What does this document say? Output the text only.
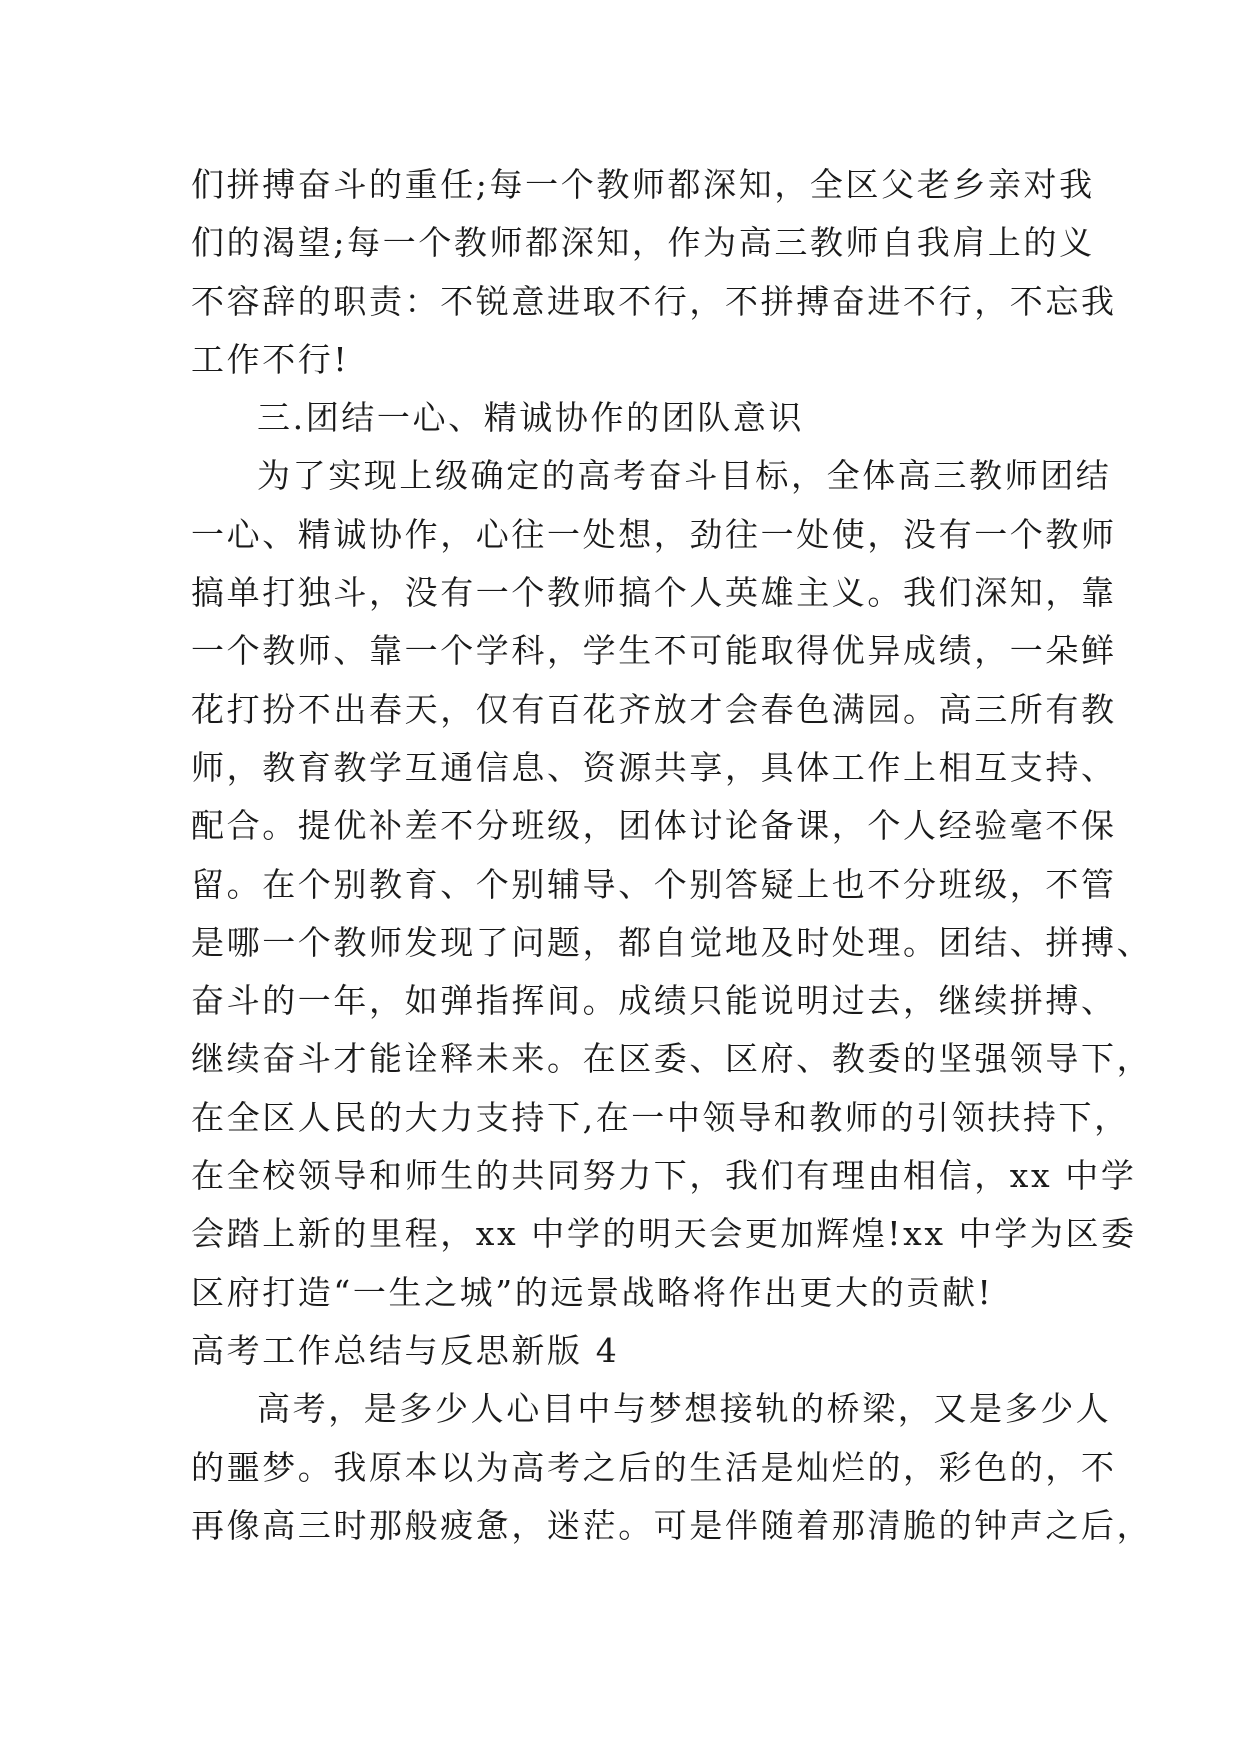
们拼搏奋斗的重任;每一个教师都深知，全区父老乡亲对我
们的渴望;每一个教师都深知，作为高三教师自我肩上的义
不容辞的职责：不锐意进取不行，不拼搏奋进不行，不忘我
工作不行!
三.团结一心、精诚协作的团队意识
为了实现上级确定的高考奋斗目标，全体高三教师团结
一心、精诚协作，心往一处想，劲往一处使，没有一个教师
搞单打独斗，没有一个教师搞个人英雄主义。我们深知，靠
一个教师、靠一个学科，学生不可能取得优异成绩，一朵鲜
花打扮不出春天，仅有百花齐放才会春色满园。高三所有教
师，教育教学互通信息、资源共享，具体工作上相互支持、
配合。提优补差不分班级，团体讨论备课，个人经验毫不保
留。在个别教育、个别辅导、个别答疑上也不分班级，不管
是哪一个教师发现了问题，都自觉地及时处理。团结、拼搏、
奋斗的一年，如弹指挥间。成绩只能说明过去，继续拼搏、
继续奋斗才能诠释未来。在区委、区府、教委的坚强领导下，
在全区人民的大力支持下,在一中领导和教师的引领扶持下，
在全校领导和师生的共同努力下，我们有理由相信，xx 中学
会踏上新的里程，xx 中学的明天会更加辉煌!xx 中学为区委
区府打造“一生之城”的远景战略将作出更大的贡献!
高考工作总结与反思新版 4
高考，是多少人心目中与梦想接轨的桥梁，又是多少人
的噩梦。我原本以为高考之后的生活是灿烂的，彩色的，不
再像高三时那般疲惫，迷茫。可是伴随着那清脆的钟声之后，
